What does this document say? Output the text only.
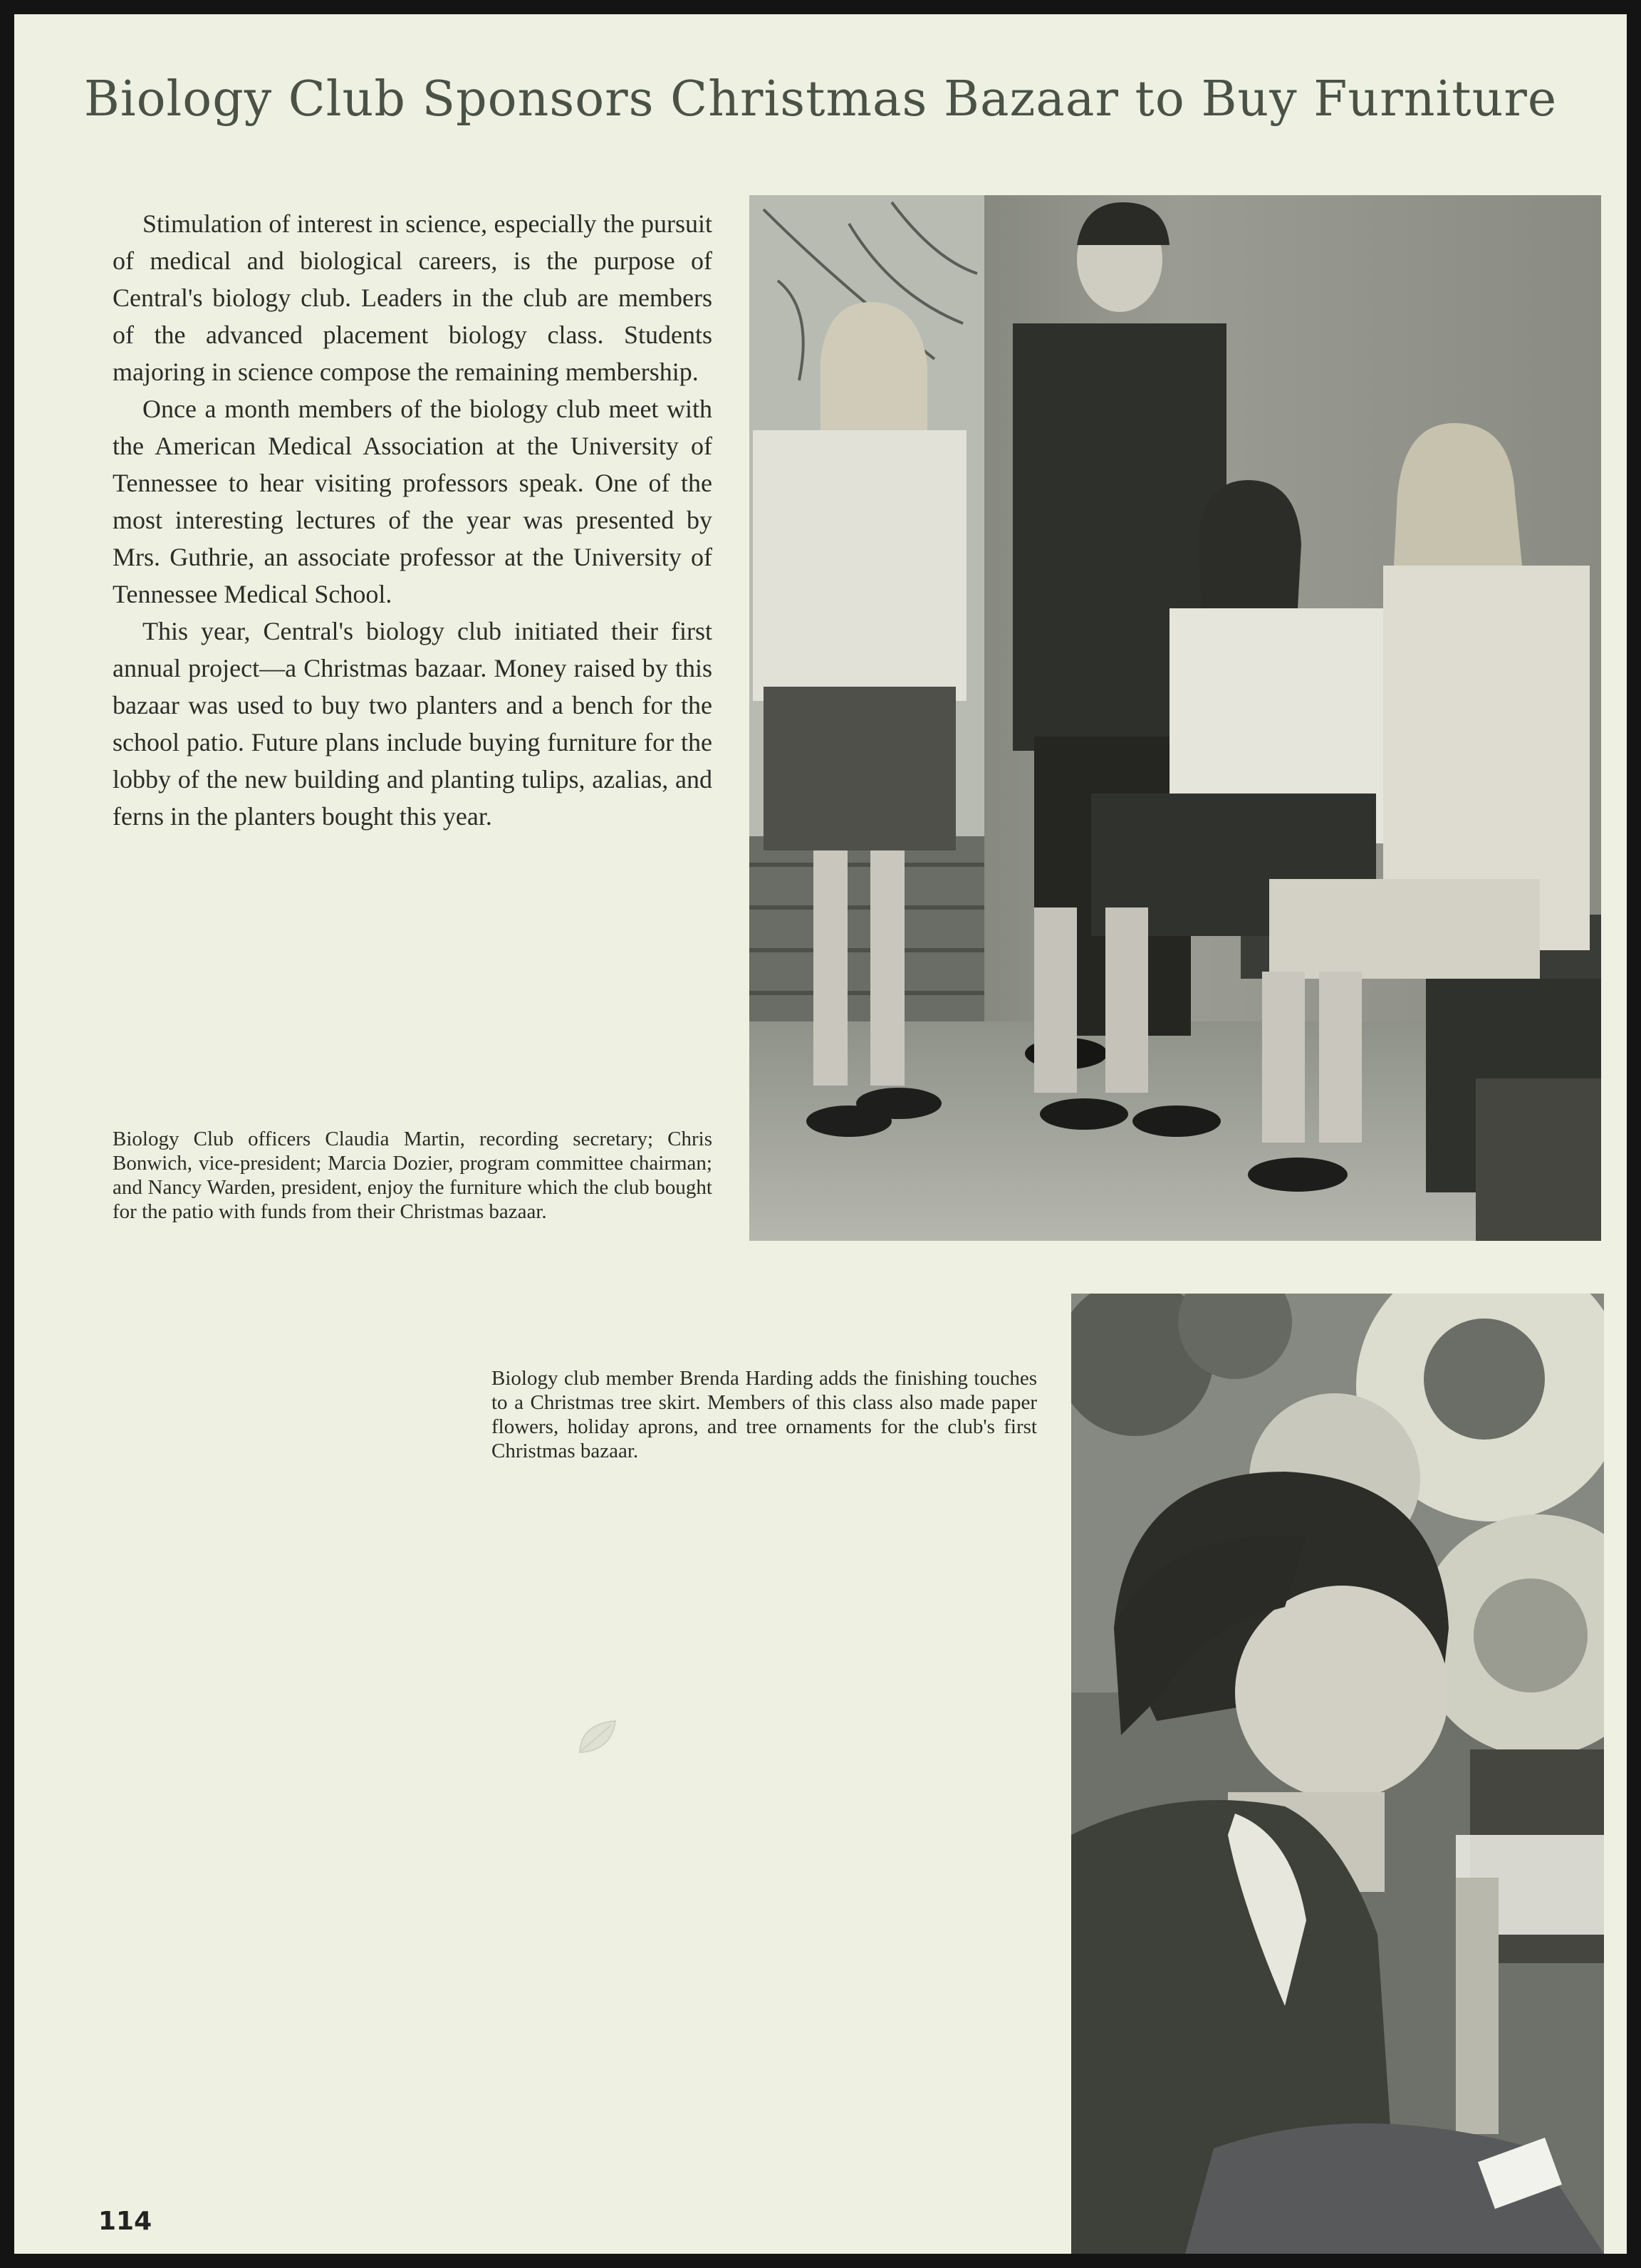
Biology Club Sponsors Christmas Bazaar to Buy Furniture

Stimulation of interest in science, especially the pursuit of medical and biological careers, is the purpose of Central's biology club. Leaders in the club are members of the advanced placement biology class. Students majoring in science compose the remaining membership.

Once a month members of the biology club meet with the American Medical Association at the University of Tennessee to hear visiting professors speak. One of the most interesting lectures of the year was presented by Mrs. Guthrie, an associate professor at the University of Tennessee Medical School.

This year, Central's biology club initiated their first annual project—a Christmas bazaar. Money raised by this bazaar was used to buy two planters and a bench for the school patio. Future plans include buying furniture for the lobby of the new building and planting tulips, azalias, and ferns in the planters bought this year.

Biology Club officers Claudia Martin, recording secretary; Chris Bonwich, vice-president; Marcia Dozier, program committee chairman; and Nancy Warden, president, enjoy the furniture which the club bought for the patio with funds from their Christmas bazaar.
Biology club member Brenda Harding adds the finishing touches to a Christmas tree skirt. Members of this class also made paper flowers, holiday aprons, and tree ornaments for the club's first Christmas bazaar.
114
